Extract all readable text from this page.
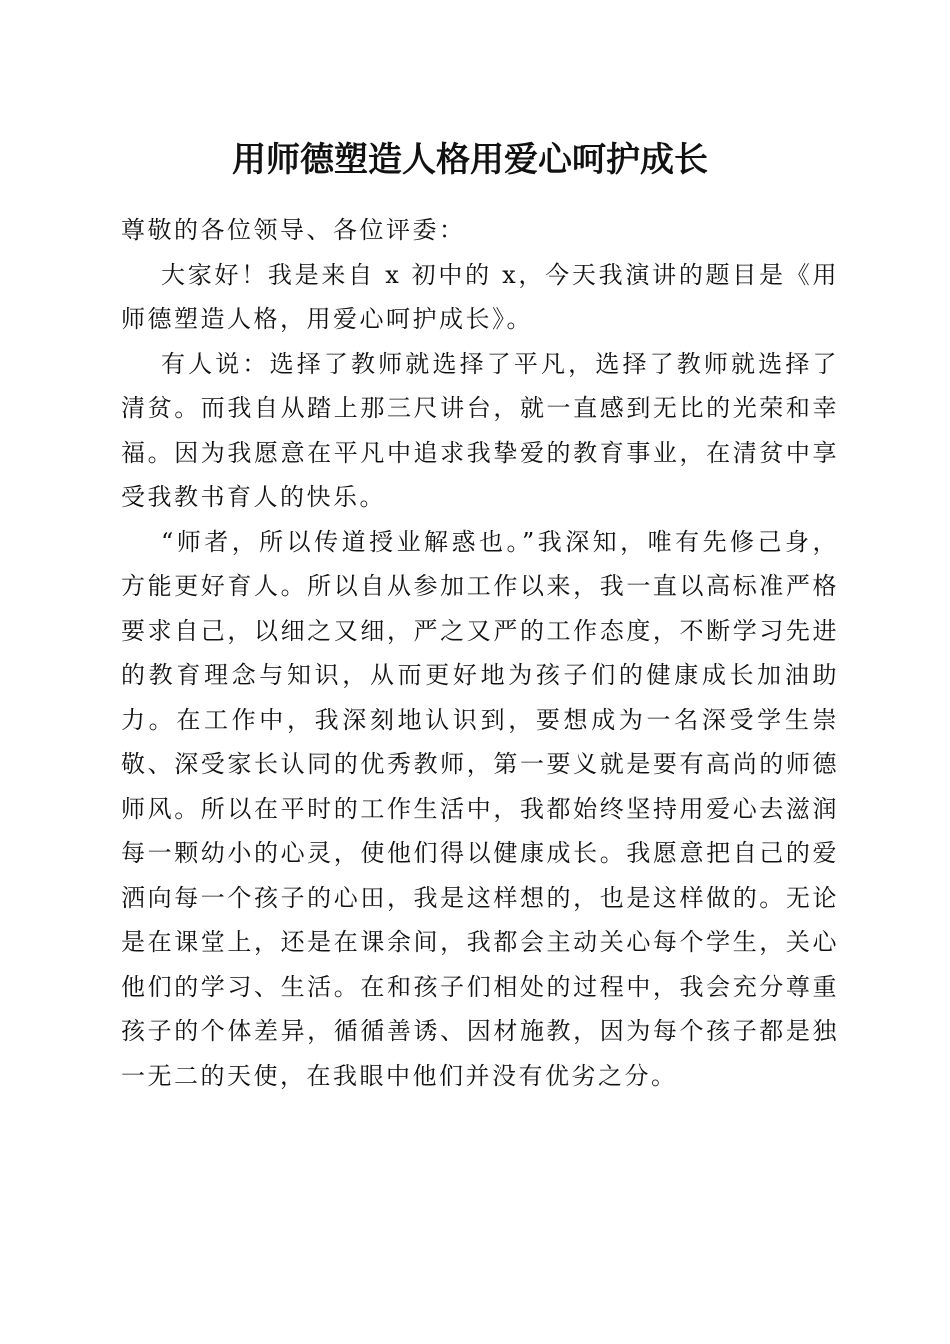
用师德塑造人格用爱心呵护成长

尊敬的各位领导、各位评委：

大家好！我是来自 x 初中的 x，今天我演讲的题目是《用师德塑造人格，用爱心呵护成长》。

有人说：选择了教师就选择了平凡，选择了教师就选择了清贫。而我自从踏上那三尺讲台，就一直感到无比的光荣和幸福。因为我愿意在平凡中追求我挚爱的教育事业，在清贫中享受我教书育人的快乐。

“师者，所以传道授业解惑也。”我深知，唯有先修己身，方能更好育人。所以自从参加工作以来，我一直以高标准严格要求自己，以细之又细，严之又严的工作态度，不断学习先进的教育理念与知识，从而更好地为孩子们的健康成长加油助力。在工作中，我深刻地认识到，要想成为一名深受学生崇敬、深受家长认同的优秀教师，第一要义就是要有高尚的师德师风。所以在平时的工作生活中，我都始终坚持用爱心去滋润每一颗幼小的心灵，使他们得以健康成长。我愿意把自己的爱洒向每一个孩子的心田，我是这样想的，也是这样做的。无论是在课堂上，还是在课余间，我都会主动关心每个学生，关心他们的学习、生活。在和孩子们相处的过程中，我会充分尊重孩子的个体差异，循循善诱、因材施教，因为每个孩子都是独一无二的天使，在我眼中他们并没有优劣之分。
